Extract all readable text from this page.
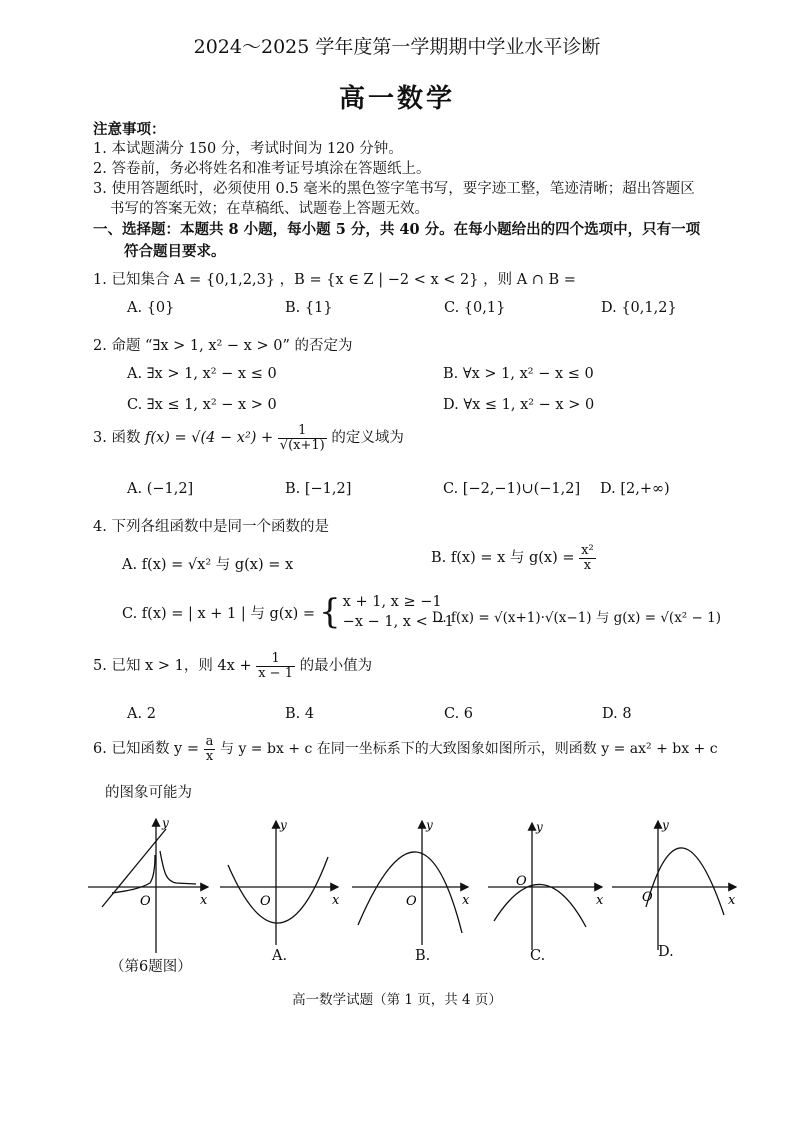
2024～2025 学年度第一学期期中学业水平诊断
高一数学
注意事项：
1. 本试题满分 150 分，考试时间为 120 分钟。
2. 答卷前，务必将姓名和准考证号填涂在答题纸上。
3. 使用答题纸时，必须使用 0.5 毫米的黑色签字笔书写，要字迹工整，笔迹清晰；超出答题区
书写的答案无效；在草稿纸、试题卷上答题无效。
一、选择题：本题共 8 小题，每小题 5 分，共 40 分。在每小题给出的四个选项中，只有一项
符合题目要求。
1. 已知集合 A = {0,1,2,3} ，B = {x ∈ Z | −2 < x < 2} ，则 A ∩ B =
A. {0}	B. {1}	C. {0,1}	D. {0,1,2}
2. 命题 “∃x > 1, x² − x > 0” 的否定为
A. ∃x > 1, x² − x ≤ 0	B. ∀x > 1, x² − x ≤ 0
C. ∃x ≤ 1, x² − x > 0	D. ∀x ≤ 1, x² − x > 0
3. 函数 $f(x) = √(4 - x^2) + \frac{1}{√(x+1)}$ 的定义域为
A. (−1,2]	B. [−1,2]	C. [−2,−1)∪(−1,2] D. [2,+∞)
4. 下列各组函数中是同一个函数的是
A. f(x) = √x² 与 g(x) = x	B. f(x) = x 与 $g(x) = \frac{\text{x²}}{x}$
C. f(x) = | x + 1 | 与 g(x) = { x + 1, x ≥ −1
−x − 1, x < −1
D. f(x) = √(x+1)·√(x−1) 与 g(x) = √(x² − 1)
5. 已知 x > 1，则 $4x + \frac{1}{x - 1}$ 的最小值为
A. 2	B. 4	C. 6	D. 8
6. 已知函数 $y = \frac{a}{x}$ 与 y = bx + c 在同一坐标系下的大致图象如图所示，则函数 y = ax² + bx + c
的图象可能为
x
y
O	x
y
O	x
y
O	x
y
O
x
y
O
（第6题图）
A.	B.	C.	D.
高一数学试题（第 1 页，共 4 页）
